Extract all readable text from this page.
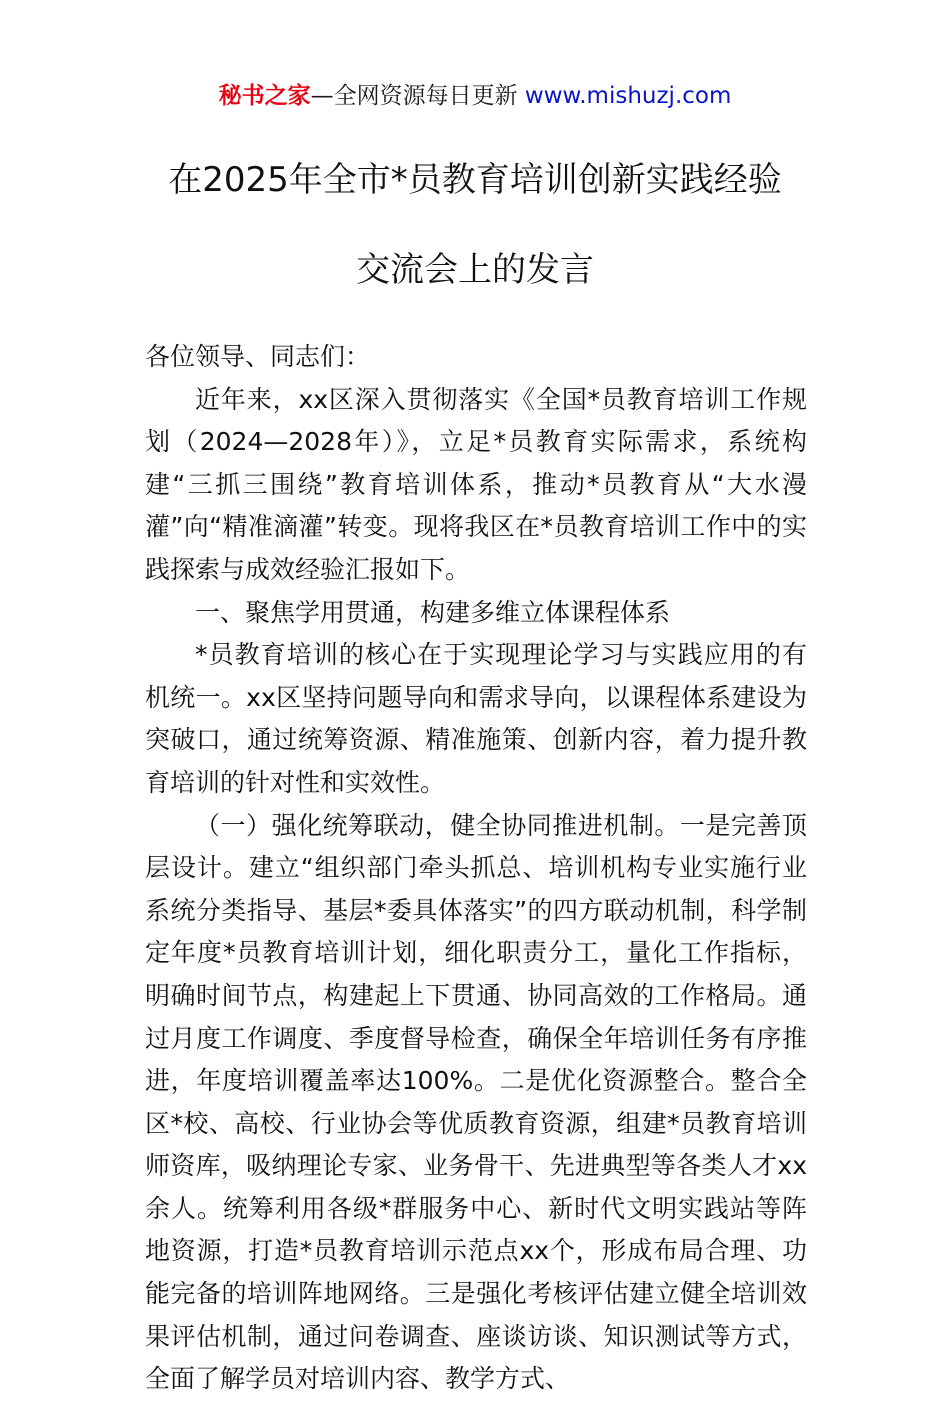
秘书之家—全网资源每日更新 www.mishuzj.com
在2025年全市*员教育培训创新实践经验
交流会上的发言

各位领导、同志们：

近年来，xx区深入贯彻落实《全国*员教育培训工作规划（2024—2028年）》，立足*员教育实际需求，系统构建“三抓三围绕”教育培训体系，推动*员教育从“大水漫灌”向“精准滴灌”转变。现将我区在*员教育培训工作中的实践探索与成效经验汇报如下。

一、聚焦学用贯通，构建多维立体课程体系

*员教育培训的核心在于实现理论学习与实践应用的有机统一。xx区坚持问题导向和需求导向，以课程体系建设为突破口，通过统筹资源、精准施策、创新内容，着力提升教育培训的针对性和实效性。

（一）强化统筹联动，健全协同推进机制。一是完善顶层设计。建立“组织部门牵头抓总、培训机构专业实施行业系统分类指导、基层*委具体落实”的四方联动机制，科学制定年度*员教育培训计划，细化职责分工，量化工作指标，明确时间节点，构建起上下贯通、协同高效的工作格局。通过月度工作调度、季度督导检查，确保全年培训任务有序推进，年度培训覆盖率达100%。二是优化资源整合。整合全区*校、高校、行业协会等优质教育资源，组建*员教育培训师资库，吸纳理论专家、业务骨干、先进典型等各类人才xx余人。统筹利用各级*群服务中心、新时代文明实践站等阵地资源，打造*员教育培训示范点xx个，形成布局合理、功能完备的培训阵地网络。三是强化考核评估建立健全培训效果评估机制，通过问卷调查、座谈访谈、知识测试等方式，全面了解学员对培训内容、教学方式、
